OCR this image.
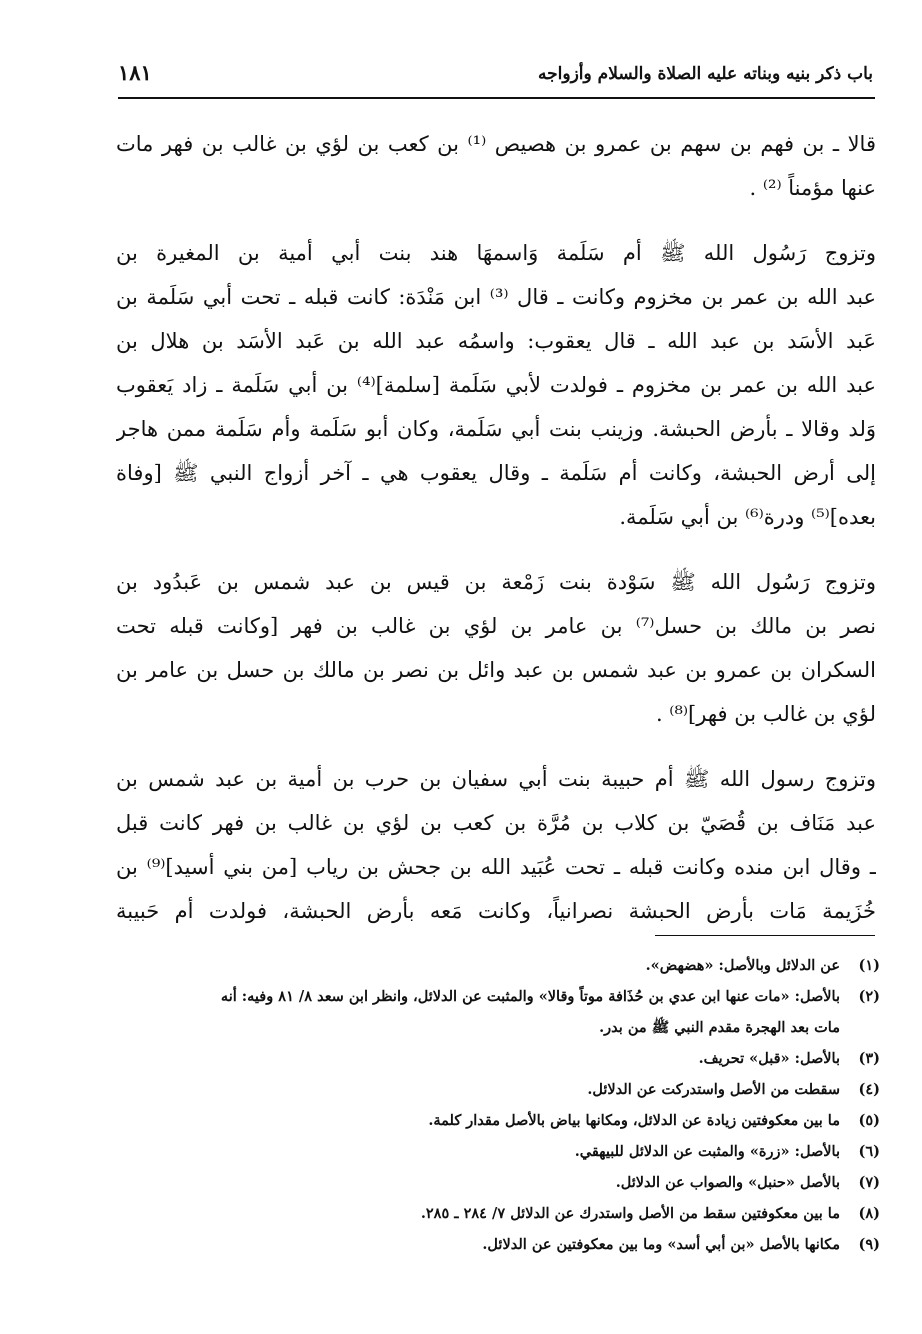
باب ذكر بنيه وبناته عليه الصلاة والسلام وأزواجه
١٨١
قالا ـ بن فهم بن سهم بن عمرو بن هصيص ⁽¹⁾ بن كعب بن لؤي بن غالب بن فهر مات
عنها مؤمناً ⁽²⁾ .
وتزوج رَسُول الله ﷺ أم سَلَمة وَاسمهَا هند بنت أبي أمية بن المغيرة بن
عبد الله بن عمر بن مخزوم وكانت ـ قال ⁽³⁾ ابن مَنْدَة: كانت قبله ـ تحت أبي سَلَمة بن
عَبد الأسَد بن عبد الله ـ قال يعقوب: واسمُه عبد الله بن عَبد الأسَد بن هلال بن
عبد الله بن عمر بن مخزوم ـ فولدت لأبي سَلَمة [سلمة]⁽⁴⁾ بن أبي سَلَمة ـ زاد يَعقوب
وَلد وقالا ـ بأرض الحبشة. وزينب بنت أبي سَلَمة، وكان أبو سَلَمة وأم سَلَمة ممن هاجر
إلى أرض الحبشة، وكانت أم سَلَمة ـ وقال يعقوب هي ـ آخر أزواج النبي ﷺ [وفاة
بعده]⁽⁵⁾ ودرة⁽⁶⁾ بن أبي سَلَمة.
وتزوج رَسُول الله ﷺ سَوْدة بنت زَمْعة بن قيس بن عبد شمس بن عَبدُود بن
نصر بن مالك بن حسل⁽⁷⁾ بن عامر بن لؤي بن غالب بن فهر [وكانت قبله تحت
السكران بن عمرو بن عبد شمس بن عبد وائل بن نصر بن مالك بن حسل بن عامر بن
لؤي بن غالب بن فهر]⁽⁸⁾ .
وتزوج رسول الله ﷺ أم حبيبة بنت أبي سفيان بن حرب بن أمية بن عبد شمس بن
عبد مَنَاف بن قُصَيّ بن كلاب بن مُرَّة بن كعب بن لؤي بن غالب بن فهر كانت قبل
ـ وقال ابن منده وكانت قبله ـ تحت عُبَيد الله بن جحش بن رياب [من بني أسيد]⁽⁹⁾ بن
خُزَيمة مَات بأرض الحبشة نصرانياً، وكانت مَعه بأرض الحبشة، فولدت أم حَبيبة
(١)
عن الدلائل وبالأصل: «هضهض».
(٢)
بالأصل: «مات عنها ابن عدي بن حُذَافة موتاً وقالا» والمثبت عن الدلائل، وانظر ابن سعد ٨/ ٨١ وفيه: أنه
مات بعد الهجرة مقدم النبي ﷺ من بدر.
(٣)
بالأصل: «قبل» تحريف.
(٤)
سقطت من الأصل واستدركت عن الدلائل.
(٥)
ما بين معكوفتين زيادة عن الدلائل، ومكانها بياض بالأصل مقدار كلمة.
(٦)
بالأصل: «زرة» والمثبت عن الدلائل للبيهقي.
(٧)
بالأصل «حنبل» والصواب عن الدلائل.
(٨)
ما بين معكوفتين سقط من الأصل واستدرك عن الدلائل ٧/ ٢٨٤ ـ ٢٨٥.
(٩)
مكانها بالأصل «بن أبي أسد» وما بين معكوفتين عن الدلائل.
